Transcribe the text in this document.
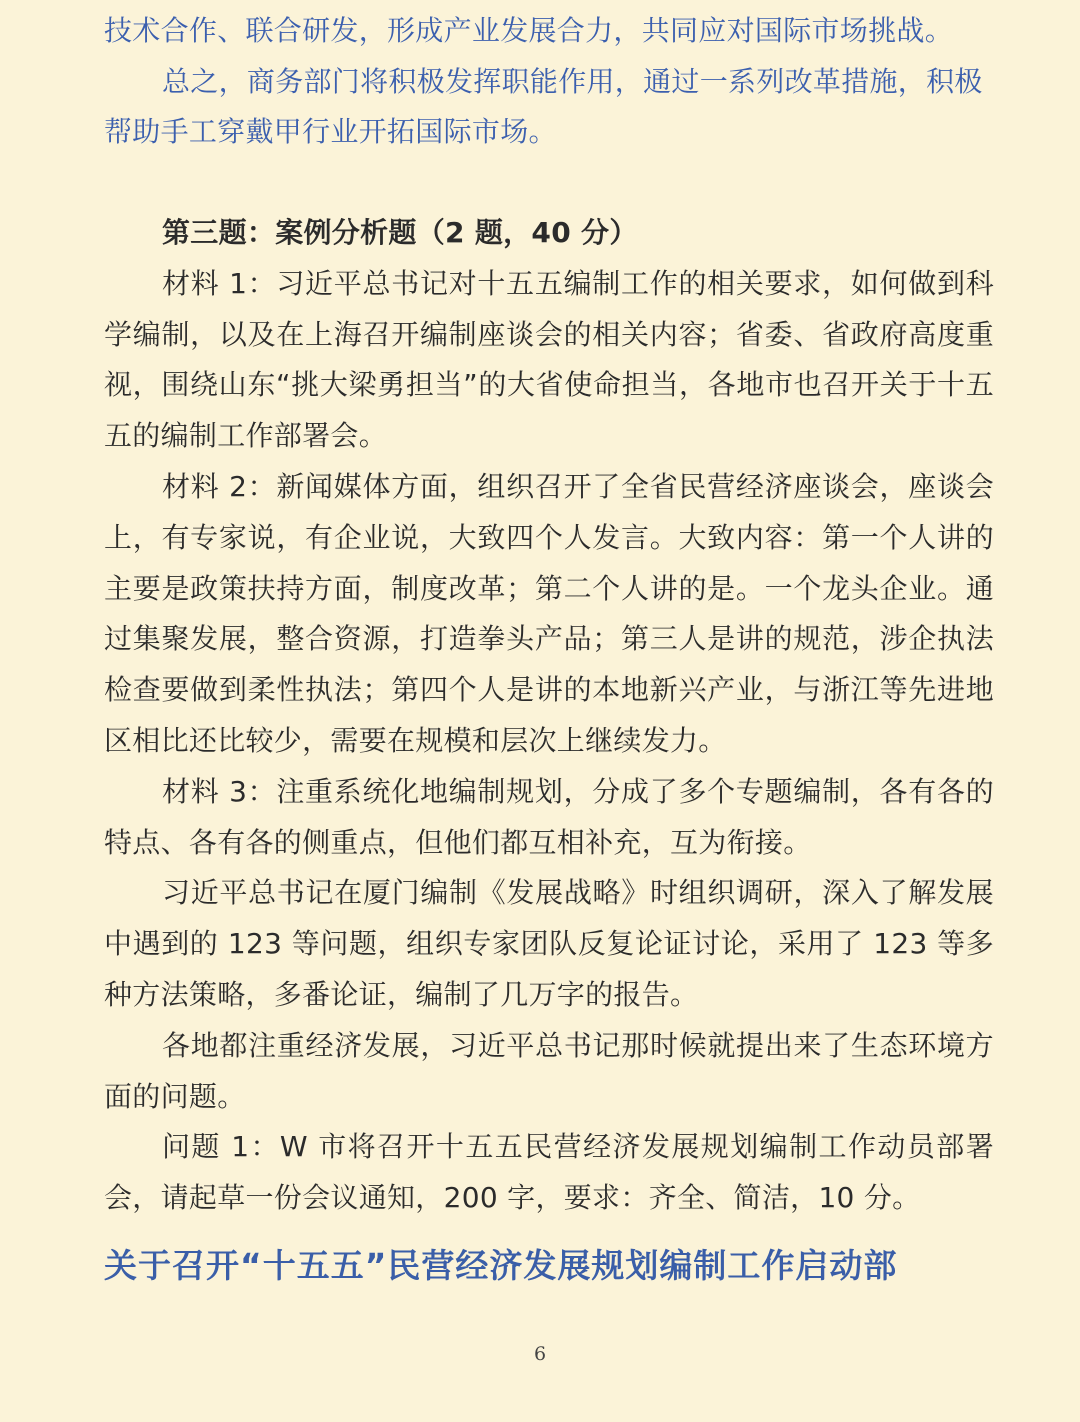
技术合作、联合研发，形成产业发展合力，共同应对国际市场挑战。

总之，商务部门将积极发挥职能作用，通过一系列改革措施，积极帮助手工穿戴甲行业开拓国际市场。

第三题：案例分析题（2 题，40 分）

材料 1：习近平总书记对十五五编制工作的相关要求，如何做到科学编制，以及在上海召开编制座谈会的相关内容；省委、省政府高度重视，围绕山东“挑大梁勇担当”的大省使命担当，各地市也召开关于十五五的编制工作部署会。

材料 2：新闻媒体方面，组织召开了全省民营经济座谈会，座谈会上，有专家说，有企业说，大致四个人发言。大致内容：第一个人讲的主要是政策扶持方面，制度改革；第二个人讲的是。一个龙头企业。通过集聚发展，整合资源，打造拳头产品；第三人是讲的规范，涉企执法检查要做到柔性执法；第四个人是讲的本地新兴产业，与浙江等先进地区相比还比较少，需要在规模和层次上继续发力。

材料 3：注重系统化地编制规划，分成了多个专题编制，各有各的特点、各有各的侧重点，但他们都互相补充，互为衔接。

习近平总书记在厦门编制《发展战略》时组织调研，深入了解发展中遇到的 123 等问题，组织专家团队反复论证讨论，采用了 123 等多种方法策略，多番论证，编制了几万字的报告。

各地都注重经济发展，习近平总书记那时候就提出来了生态环境方面的问题。

问题 1：W 市将召开十五五民营经济发展规划编制工作动员部署会，请起草一份会议通知，200 字，要求：齐全、简洁，10 分。

关于召开“十五五”民营经济发展规划编制工作启动部
6
